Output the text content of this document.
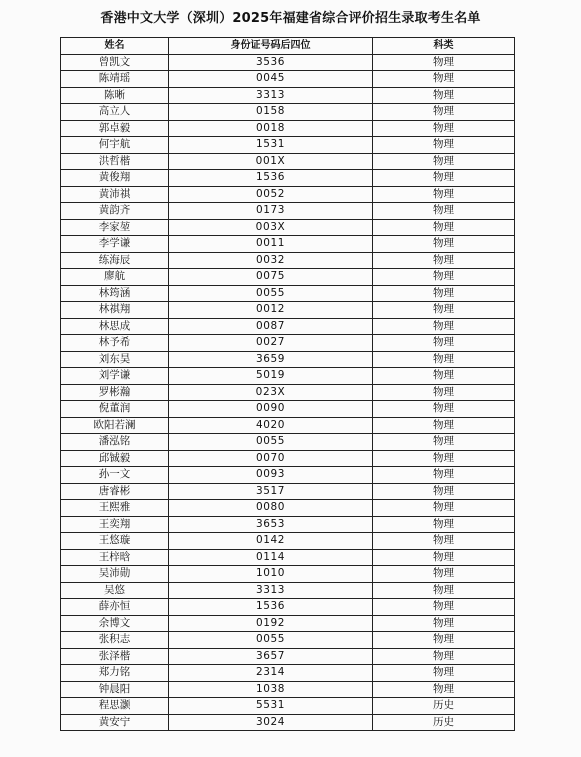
香港中文大学（深圳）2025年福建省综合评价招生录取考生名单
姓名	身份证号码后四位	科类
曾凯文	3536	物理
陈靖瑶	0045	物理
陈晰	3313	物理
高立人	0158	物理
郭卓毅	0018	物理
何宇航	1531	物理
洪哲楷	001X	物理
黄俊翔	1536	物理
黄沛祺	0052	物理
黄韵齐	0173	物理
李家堃	003X	物理
李学谦	0011	物理
练海辰	0032	物理
廖航	0075	物理
林筠涵	0055	物理
林祺翔	0012	物理
林思成	0087	物理
林予希	0027	物理
刘东昊	3659	物理
刘学谦	5019	物理
罗彬瀚	023X	物理
倪董润	0090	物理
欧阳若澜	4020	物理
潘泓铭	0055	物理
邱铖毅	0070	物理
孙一文	0093	物理
唐睿彬	3517	物理
王熙雅	0080	物理
王奕翔	3653	物理
王悠璇	0142	物理
王梓晗	0114	物理
吴沛勋	1010	物理
吴悠	3313	物理
薛亦恒	1536	物理
余博文	0192	物理
张积志	0055	物理
张泽楷	3657	物理
郑力铭	2314	物理
钟晨阳	1038	物理
程思灏	5531	历史
黄安宁	3024	历史
